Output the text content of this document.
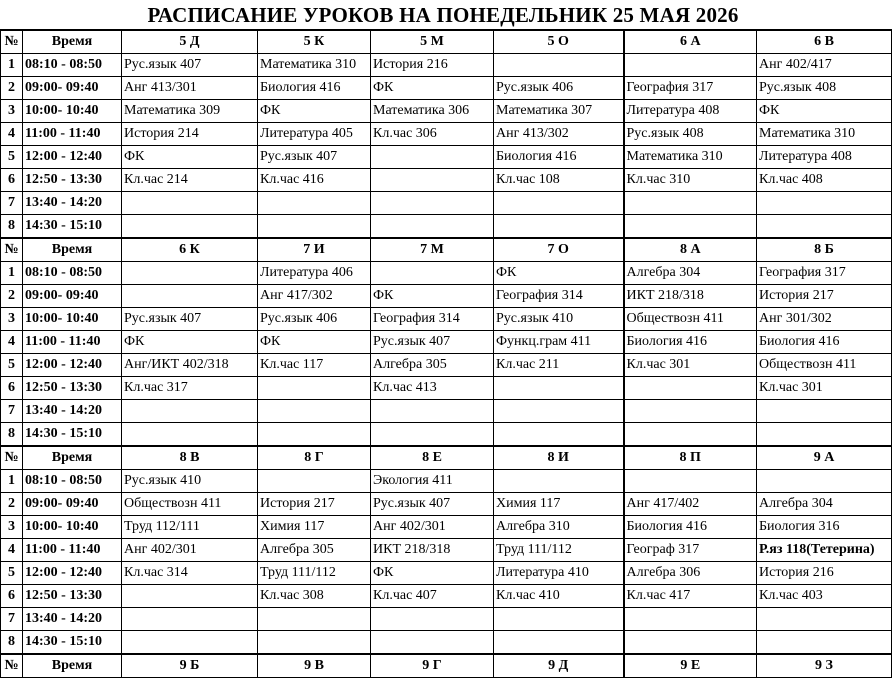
РАСПИСАНИЕ УРОКОВ НА ПОНЕДЕЛЬНИК 25 МАЯ 2026
№	Время	5 Д	5 К	5 М	5 О	6 А	6 В
1	08:10 - 08:50	Рус.язык 407	Математика 310	История 216			Анг 402/417
2	09:00- 09:40	Анг 413/301	Биология 416	ФК	Рус.язык 406	География 317	Рус.язык 408
3	10:00- 10:40	Математика 309	ФК	Математика 306	Математика 307	Литература 408	ФК
4	11:00 - 11:40	История 214	Литература 405	Кл.час 306	Анг 413/302	Рус.язык 408	Математика 310
5	12:00 - 12:40	ФК	Рус.язык 407		Биология 416	Математика 310	Литература 408
6	12:50 - 13:30	Кл.час 214	Кл.час 416		Кл.час 108	Кл.час 310	Кл.час 408
7	13:40 - 14:20						
8	14:30 - 15:10						
№	Время	6 К	7 И	7 М	7 О	8 А	8 Б
1	08:10 - 08:50		Литература 406		ФК	Алгебра 304	География 317
2	09:00- 09:40		Анг 417/302	ФК	География 314	ИКТ 218/318	История 217
3	10:00- 10:40	Рус.язык 407	Рус.язык 406	География 314	Рус.язык 410	Обществозн 411	Анг 301/302
4	11:00 - 11:40	ФК	ФК	Рус.язык 407	Функц.грам 411	Биология 416	Биология 416
5	12:00 - 12:40	Анг/ИКТ 402/318	Кл.час 117	Алгебра 305	Кл.час 211	Кл.час 301	Обществозн 411
6	12:50 - 13:30	Кл.час 317		Кл.час 413			Кл.час 301
7	13:40 - 14:20						
8	14:30 - 15:10						
№	Время	8 В	8 Г	8 Е	8 И	8 П	9 А
1	08:10 - 08:50	Рус.язык 410		Экология 411			
2	09:00- 09:40	Обществозн 411	История 217	Рус.язык 407	Химия 117	Анг 417/402	Алгебра 304
3	10:00- 10:40	Труд 112/111	Химия 117	Анг 402/301	Алгебра 310	Биология 416	Биология 316
4	11:00 - 11:40	Анг 402/301	Алгебра 305	ИКТ 218/318	Труд 111/112	Географ 317	Р.яз 118(Тетерина)
5	12:00 - 12:40	Кл.час 314	Труд 111/112	ФК	Литература 410	Алгебра 306	История 216
6	12:50 - 13:30		Кл.час 308	Кл.час 407	Кл.час 410	Кл.час 417	Кл.час 403
7	13:40 - 14:20						
8	14:30 - 15:10						
№	Время	9 Б	9 В	9 Г	9 Д	9 Е	9 З
